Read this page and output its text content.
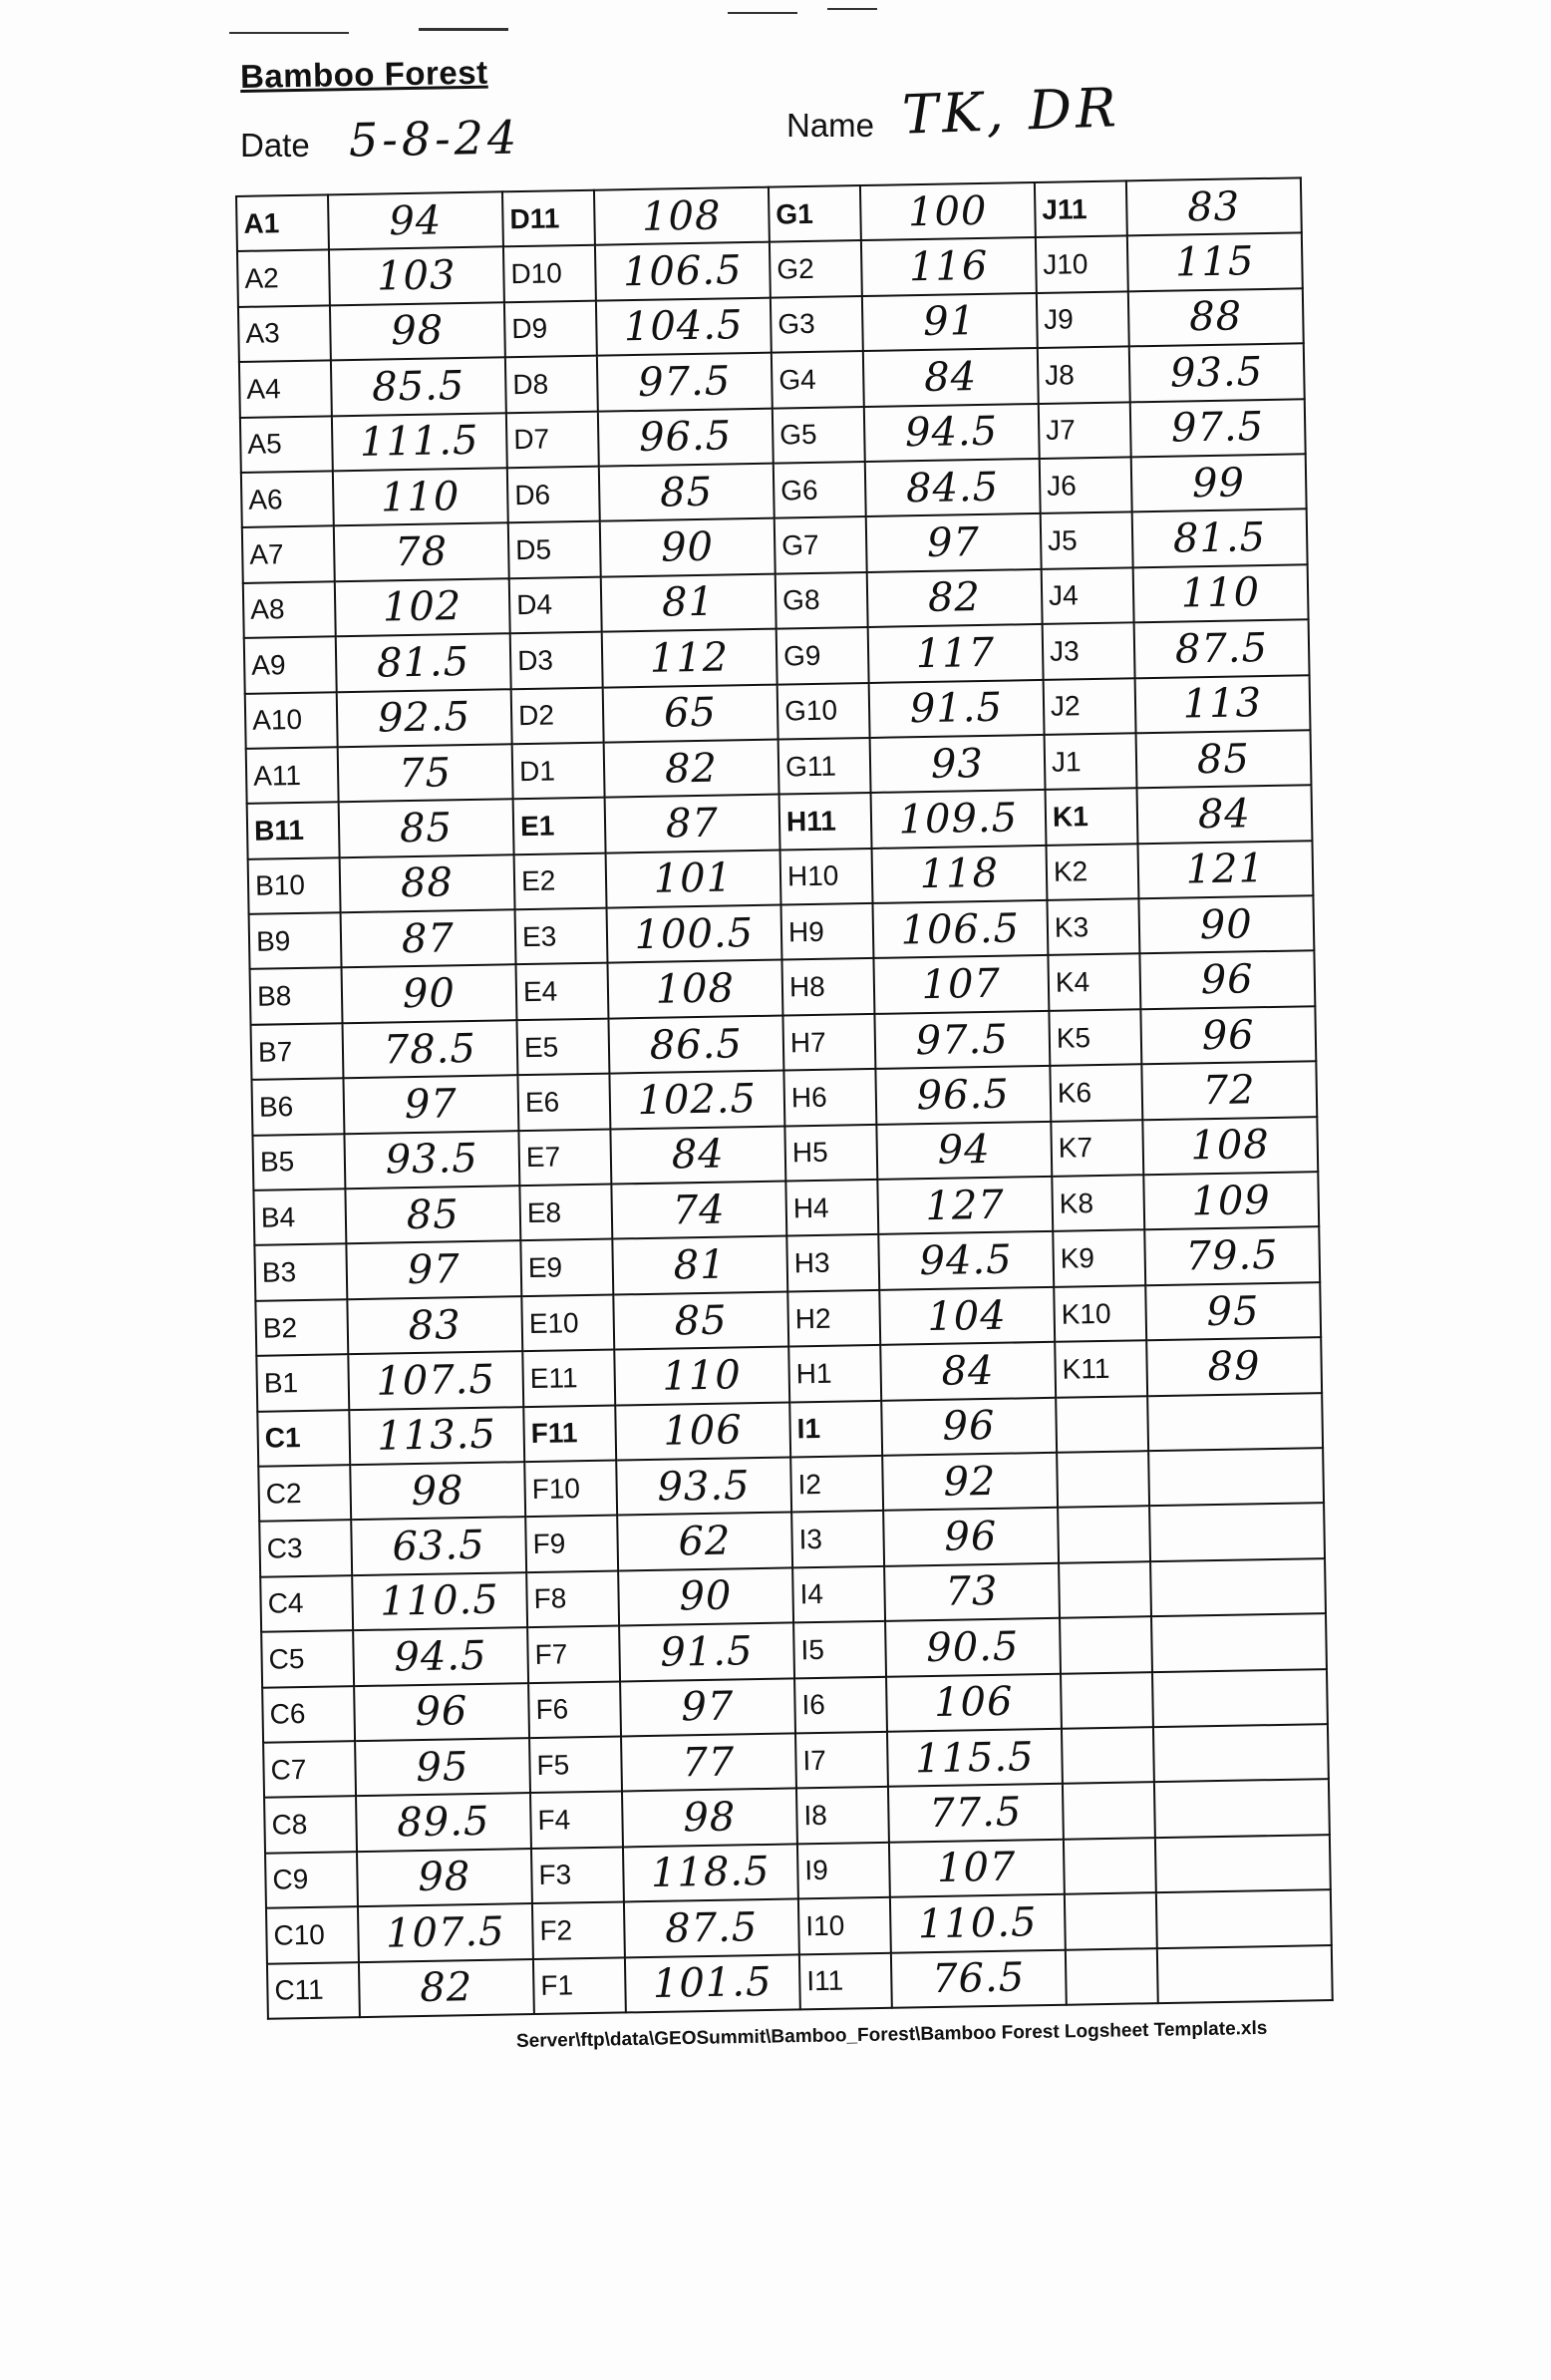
Bamboo Forest
Date 5-8-24	Name TK, DR
A1	94	D11	108	G1	100	J11	83
A2	103	D10	106.5	G2	116	J10	115
A3	98	D9	104.5	G3	91	J9	88
A4	85.5	D8	97.5	G4	84	J8	93.5
A5	111.5	D7	96.5	G5	94.5	J7	97.5
A6	110	D6	85	G6	84.5	J6	99
A7	78	D5	90	G7	97	J5	81.5
A8	102	D4	81	G8	82	J4	110
A9	81.5	D3	112	G9	117	J3	87.5
A10	92.5	D2	65	G10	91.5	J2	113
A11	75	D1	82	G11	93	J1	85
B11	85	E1	87	H11	109.5	K1	84
B10	88	E2	101	H10	118	K2	121
B9	87	E3	100.5	H9	106.5	K3	90
B8	90	E4	108	H8	107	K4	96
B7	78.5	E5	86.5	H7	97.5	K5	96
B6	97	E6	102.5	H6	96.5	K6	72
B5	93.5	E7	84	H5	94	K7	108
B4	85	E8	74	H4	127	K8	109
B3	97	E9	81	H3	94.5	K9	79.5
B2	83	E10	85	H2	104	K10	95
B1	107.5	E11	110	H1	84	K11	89
C1	113.5	F11	106	I1	96		
C2	98	F10	93.5	I2	92		
C3	63.5	F9	62	I3	96		
C4	110.5	F8	90	I4	73		
C5	94.5	F7	91.5	I5	90.5		
C6	96	F6	97	I6	106		
C7	95	F5	77	I7	115.5		
C8	89.5	F4	98	I8	77.5		
C9	98	F3	118.5	I9	107		
C10	107.5	F2	87.5	I10	110.5		
C11	82	F1	101.5	I11	76.5		
Server\ftp\data\GEOSummit\Bamboo_Forest\Bamboo Forest Logsheet Template.xls
